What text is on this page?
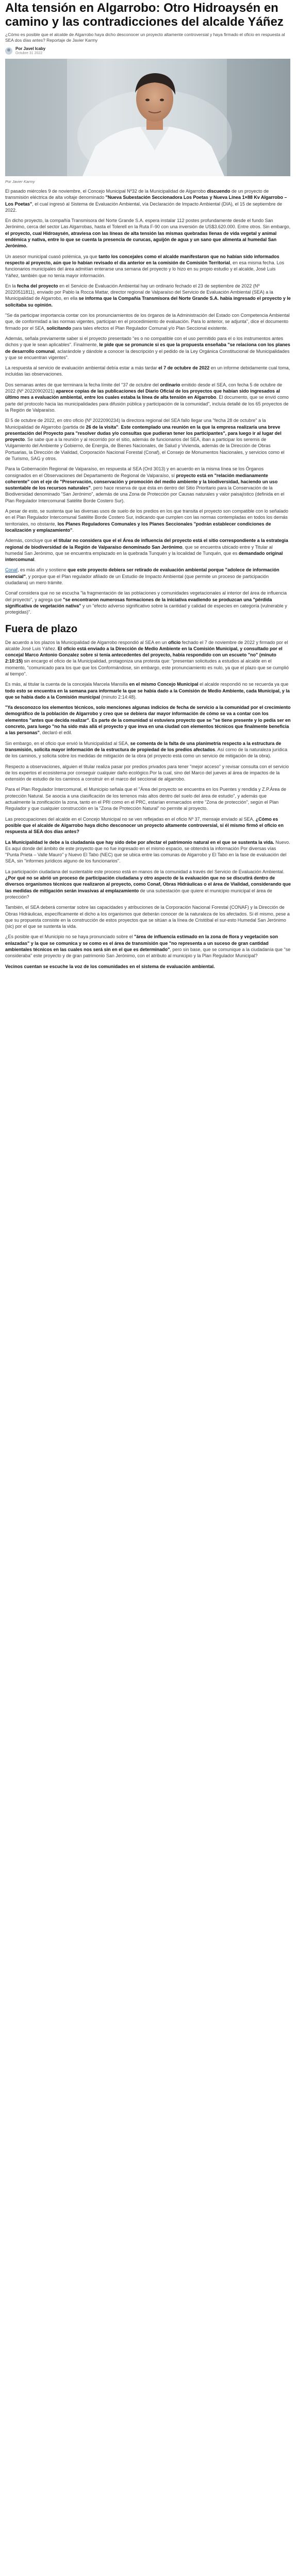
Alta tensión en Algarrobo: Otro Hidroaysén en camino y las contradicciones del alcalde Yáñez

¿Cómo es posible que el alcalde de Algarrobo haya dicho desconocer un proyecto altamente controversial y haya firmado el oficio en respuesta al SEA dos días antes? Reportaje de Javier Karmy

Por Javel Icaby
Octubre 31 2022

Por Javier Karmy

El pasado miércoles 9 de noviembre, el Concejo Municipal Nº32 de la Municipalidad de Algarrobo discuendo de un proyecto de transmisión eléctrica de alta voltaje denominado "Nueva Subestación Seccionadora Los Poetas y Nueva Línea 1×88 Kv Algarrobo – Los Poetas", el cual ingresó al Sistema de Evaluación Ambiental, vía Declaración de Impacto Ambiental (DIA), el 15 de septiembre de 2022.

En dicho proyecto, la compañía Transmisora del Norte Grande S.A. espera instalar 112 postes profundamente desde el fundo San Jerónimo, cerca del sector Las Algarrobas, hasta el Tolerell en la Ruta F-90 con una inversión de US$3.620.000. Entre otros. Sin embargo, el proyecto, cual Hidroaysén, atraviesa con las líneas de alta tensión las mismas quebradas llenas de vida vegetal y animal endémica y nativa, entre lo que se cuenta la presencia de curucas, aguijón de agua y un sano que alimenta al humedal San Jerónimo.

Un asesor municipal cuasó polémica, ya que tanto los concejales como el alcalde manifestaron que no habían sido informados respecto al proyecto, aún que lo habían revisado el dia anterior en la comisión de Comisión Territorial, en esa misma fecha. Los funcionarios municipales del área admitían enterarse una semana del proyecto y lo hizo en su propio estudio y el alcalde, José Luis Yáñez, también que no tenía mayor información.

En la fecha del proyecto en el Servicio de Evaluación Ambiental hay un ordinario fechado el 23 de septiembre de 2022 (Nº 20220511811), enviado por Pablo la Rocca Mattar, director regional de Valparaíso del Servicio de Evaluación Ambiental (SEA) a la Municipalidad de Algarrobo, en ella se informa que la Compañía Transmisora del Norte Grande S.A. había ingresado el proyecto y le solicitaba su opinión.

"Se da participar importancia contar con los pronunciamientos de los órganos de la Administración del Estado con Competencia Ambiental que, de conformidad a las normas vigentes, participan en el procedimiento de evaluación. Para lo anterior, se adjunta", dice el documento firmado por el SEA, solicitando para tales efectos el Plan Regulador Comunal y/o Plan Seccional existente.

Además, señala previamente saber si el proyecto presentado "es o no compatible con el uso permitido para el o los instrumentos antes dichos y que le sean aplicables". Finalmente, le pide que se pronuncie si es que la propuesta enseñaba "se relaciona con los planes de desarrollo comunal, aclarándole y dándole a conocer la descripción y el pedido de la Ley Orgánica Constitucional de Municipalidades y que se encuentran vigentes".

La respuesta al servicio de evaluación ambiental debía estar a más tardar el 7 de octubre de 2022 en un informe debidamente cual toma, incluidas las observaciones.

Dos semanas antes de que terminara la fecha límite del "37 de octubre del ordinario emitido desde el SEA, con fecha 5 de octubre de 2022 (Nº 20220902021) aparece copias de las publicaciones del Diario Oficial de los proyectos que habían sido ingresados al último mes a evaluación ambiental, entre los cuales estaba la línea de alta tensión en Algarrobo. El documento, que se envió como parte del protocolo hacia las municipalidades para difusión pública y participación de la comunidad", incluía detallé de los 65 proyectos de la Región de Valparaíso.

El 5 de octubre de 2022, en otro oficio (Nº 2022090234) la directora regional del SEA fallo llegar una "fecha 28 de octubre" a la Municipalidad de Algarrobo (partida de 26 de la visita". Este contemplado una reunión en la que la empresa realizaría una breve presentación del Proyecto para "resolver dudas y/o consultas que pudieran tener los participantes", para luego ir al lugar del proyecto. Se sabe que a la reunión y al recorrido por el sitio, además de funcionarios del SEA, iban a participar los seremis de Vulgamiento del Ambiente y Gobierno, de Energía, de Bienes Nacionales, de Salud y Vivienda, además de la Dirección de Obras Portuarias, la Dirección de Vialidad, Corporación Nacional Forestal (Conaf), el Consejo de Monumentos Nacionales, y servicios como el de Turismo, SAG y otros.

Para la Gobernación Regional de Valparaíso, en respuesta al SEA (Ord 3013) y en acuerdo en la misma línea se los Órganos consignados en el Observaciones del Departamento de Regional de Valparaíso, sí proyecto está en "relación medianamente coherente" con el eje de "Preservación, conservación y promoción del medio ambiente y la biodiversidad, haciendo un uso sustentable de los recursos naturales", pero hace reserva de que ésta en dentro del Sitio Prioritario para la Conservación de la Biodiversidad denominado "San Jerónimo", además de una Zona de Protección por Causas naturales y valor paisajístico (definida en el Plan Regulador Intercomunal Satélite Borde Costero Sur).

A pesar de esto, se sustenta que las diversas usos de suelo de los predios en los que transita el proyecto son compatible con lo señalado en el Plan Regulador Intercomunal Satélite Borde Costero Sur, indicando que cumplen con las normas contempladas en todos los demás territoriales, no obstante, los Planes Reguladores Comunales y los Planes Seccionales "podrán establecer condiciones de localización y emplazamiento".

Además, concluye que el titular no considera que el el Área de influencia del proyecto está el sitio correspondiente a la estrategia regional de biodiversidad de la Región de Valparaíso denominado San Jerónimo, que se encuentra ubicado entre y Titular al humedal San Jerónimo, que se encuentra emplazado en la quebrada Tunquén y la localidad de Tunquén, que es demandado original intercomunal.

Conaf, es más afín y sostiene que este proyecto debiera ser retirado de evaluación ambiental porque "adolece de información esencial", y porque que el Plan regulador afiliado de un Estudio de Impacto Ambiental (que permite un proceso de participación ciudadana) un mero trámite.

Conaf considera que no se escucha "la fragmentación de las poblaciones y comunidades vegetacionales al interior del área de influencia del proyecto", y agrega que "se encontraron numerosas formaciones de la iniciativa evadiendo se produzcan una "pérdida significativa de vegetación nativa" y un "efecto adverso significativo sobre la cantidad y calidad de especies en categoría (vulnerable y protegidas)".

Fuera de plazo

De acuerdo a los plazos la Municipalidad de Algarrobo respondió al SEA en un oficio fechado el 7 de noviembre de 2022 y firmado por el alcalde José Luis Yáñez. El oficio está enviado a la Dirección de Medio Ambiente en la Comisión Municipal, y consultado por el concejal Marco Antonio Gonzalez sobre si tenía antecedentes del proyecto, había respondido con un escueto "no" (minuto 2:10:15) sin encargo el oficio de la Municipalidad, protagoniza una protesta que: "presentan solicitudes a estudios al alcalde en el momento, "comunicado para los que que los Conformándose, sin embargo, este pronunciamiento es nulo, ya que el plazo que se cumplió al tiempo".

Es más, al titular la cuenta de la concejala Marcela Mansilla en el mismo Concejo Municipal el alcalde respondió no se recuerda ya que todo esto se encuentra en la semana para informarle la que se había dado a la Comisión de Medio Ambiente, cada Municipal, y la que se había dado a la Comisión municipal (minuto 2:14:48).

"Ya desconozco los elementos técnicos, solo menciones algunas indicios de fecha de servicio a la comunidad por el crecimiento demográfico de la población de Algarrobo y creo que se debiera dar mayor información de cómo se va a contar con los elementos "antes que decida realizar". Es parte de la comunidad si estuviera proyecto que se "se tiene presente y lo pedía ser en concreto, para luego "no ha sido más allá el proyecto y que inva en una ciudad con elementos técnicos que finalmente beneficia a las personas", declaró el edil.

Sin embargo, en el oficio que envió la Municipalidad al SEA, se comenta de la falta de una planimetría respecto a la estructura de transmisión, solicita mayor información de la estructura de propiedad de los predios afectados. Así como de la naturaleza jurídica de los caminos, y solicita sobre los medidas de mitigación de la obra (el proyecto está como un servicio de mitigación de la obra).

Respecto a observaciones, alguien el titular realiza pasar por predios privados para tener "mejor acceso" y revisar consulta con el servicio de los expertos el ecosistema por conseguir cualquier daño ecológico.Por la cual, sino del Marco del jueves al área de impactos de la extensión de estudio de los caminos a construir en el marco del seccional de algarrobo.

Para el Plan Regulador Intercomunal, el Municipio señala que el "Área del proyecto se encuentra en los Puentes y rendida y Z.P.Área de protección Natural. Se asocia a una clasificación de los terrenos más altos dentro del suelo del área de estudio", y además que actualmente la zonificación la zona, tanto en el PRI como en el PRC, estarían enmarcados entre "Zona de protección", según el Plan Regulador y que cualquier construcción en la "Zona de Protección Natural" no permite al proyecto.

Las preocupaciones del alcalde en el Concejo Municipal no se ven reflejadas en el oficio Nº 37, mensaje enviado al SEA, ¿Cómo es posible que el alcalde de Algarrobo haya dicho desconocer un proyecto altamente controversial, si él mismo firmó el oficio en respuesta al SEA dos días antes?

La Municipalidad le debe a la ciudadanía que hay sido debe por afectar el patrimonio natural en el que se sustenta la vida. Nuevo. Es aquí donde del ámbito de este proyecto que no fue ingresado en el mismo espacio, se obtendrá la información Por diversas vías "Punta Prieta – Valle Mauro" y Nuevo El Tabo (NEC) que se ubica entre las comunas de Algarrobo y El Tabo en la fase de evaluación del SEA, sin "informes jurídicos alguno de los funcionarios".

La participación ciudadana del sustentable este proceso está en manos de la comunidad a través del Servicio de Evaluación Ambiental. ¿Por qué no se abrió un proceso de participación ciudadana y otro aspecto de la evaluación que no se discutirá dentro de diversos organismos técnicos que realizaron al proyecto, como Conaf, Obras Hidráulicas o el área de Vialidad, considerando que las medidas de mitigación serán invasivas al emplazamiento de una subestación que quiere el municipio municipal el área de protección?

También, el SEA deberá comentar sobre las capacidades y atribuciones de la Corporación Nacional Forestal (CONAF) y la Dirección de Obras Hidráulicas, específicamente el dicho a los organismos que deberán conocer de la naturaleza de los afectados. Si él mismo, pese a que su propuesta consiste en la construcción de estos proyectos que se sitúan a la línea de Cristóbal el sur-esto Humedal San Jerónimo (sic) por el que se sustenta la vida.

¿Es posible que el Municipio no se haya pronunciado sobre el "área de influencia estimado en la zona de flora y vegetación son enlazadas" y la que se comunica y se como es el área de transmisión que "no representa a un suceso de gran cantidad ambientales técnicos en las cuales nos será sin en el que es determinado", pero sin base, que se comunique a la ciudadanía que "se consideraba" este proyecto y de gran patrimonio San Jerónimo, con el atributo al municipio y la Plan Regulador Municipal?

Vecinos cuentan se escuche la voz de los comunidades en el sistema de evaluación ambiental.
